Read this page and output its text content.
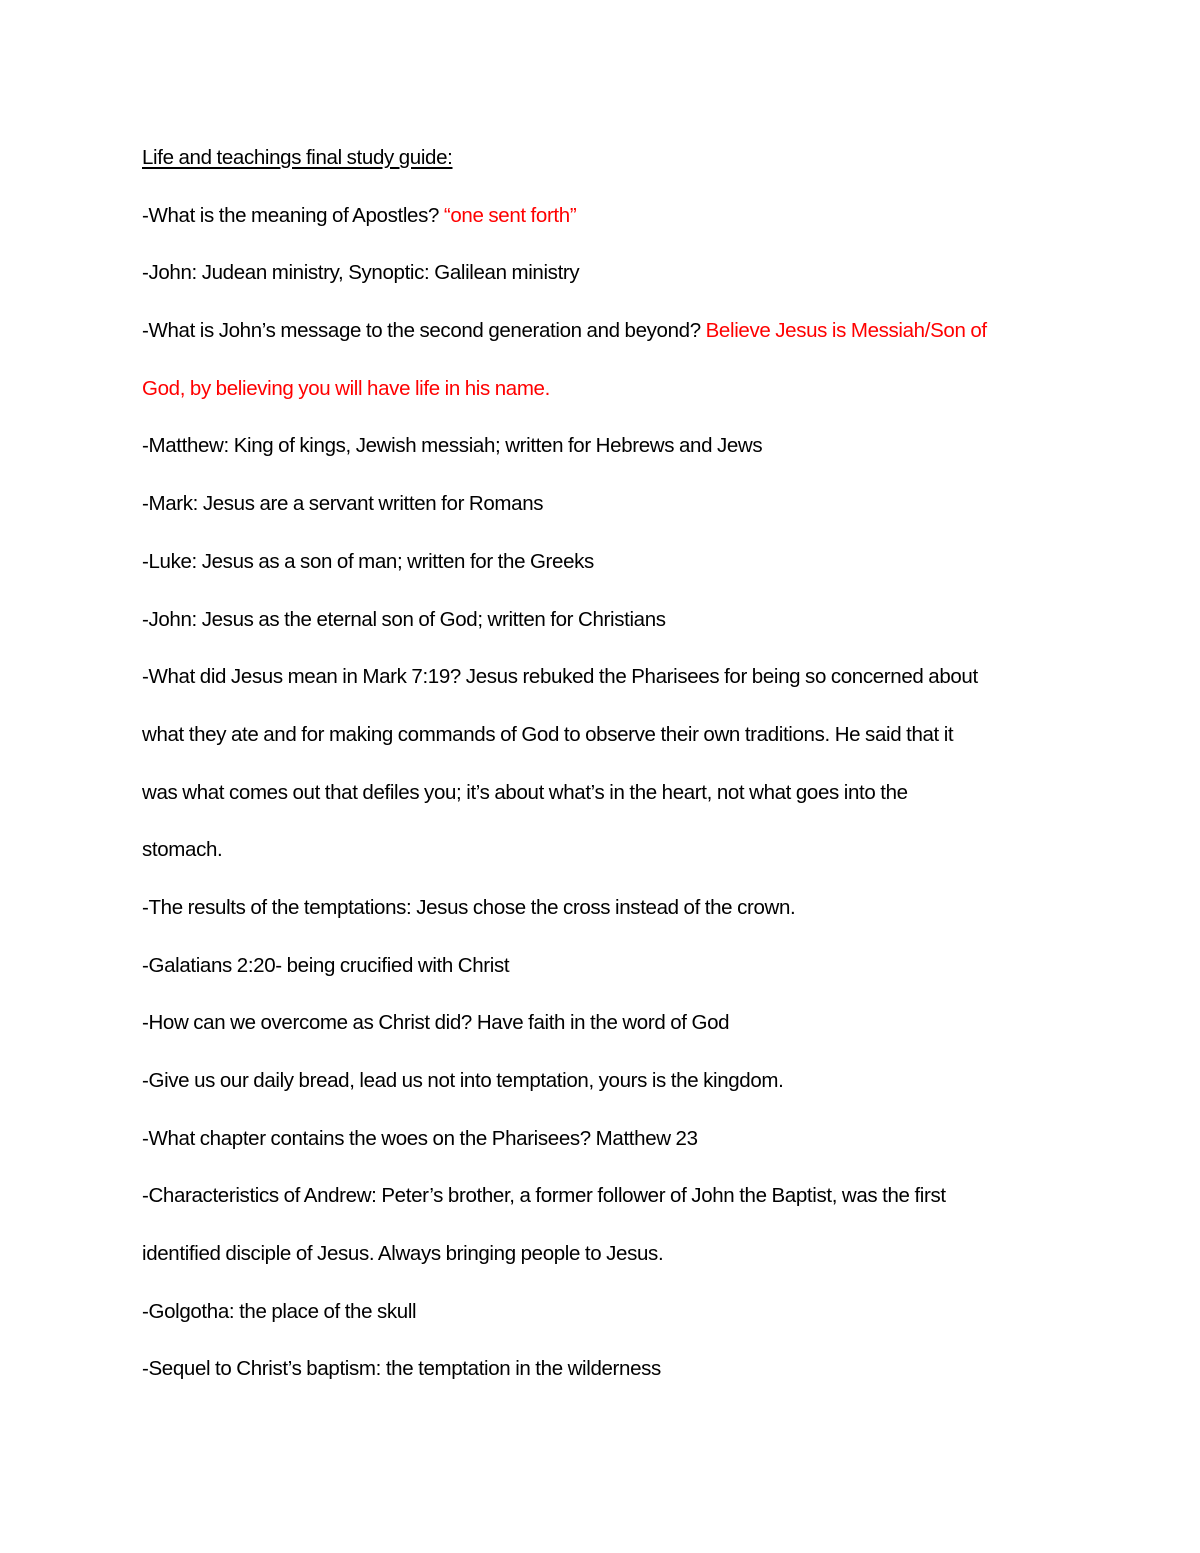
Life and teachings final study guide:
-What is the meaning of Apostles? “one sent forth”
-John: Judean ministry, Synoptic: Galilean ministry
-What is John’s message to the second generation and beyond? Believe Jesus is Messiah/Son of
God, by believing you will have life in his name.
-Matthew: King of kings, Jewish messiah; written for Hebrews and Jews
-Mark: Jesus are a servant written for Romans
-Luke: Jesus as a son of man; written for the Greeks
-John: Jesus as the eternal son of God; written for Christians
-What did Jesus mean in Mark 7:19? Jesus rebuked the Pharisees for being so concerned about
what they ate and for making commands of God to observe their own traditions. He said that it
was what comes out that defiles you; it’s about what’s in the heart, not what goes into the
stomach.
-The results of the temptations: Jesus chose the cross instead of the crown.
-Galatians 2:20- being crucified with Christ
-How can we overcome as Christ did? Have faith in the word of God
-Give us our daily bread, lead us not into temptation, yours is the kingdom.
-What chapter contains the woes on the Pharisees? Matthew 23
-Characteristics of Andrew: Peter’s brother, a former follower of John the Baptist, was the first
identified disciple of Jesus. Always bringing people to Jesus.
-Golgotha: the place of the skull
-Sequel to Christ’s baptism: the temptation in the wilderness
